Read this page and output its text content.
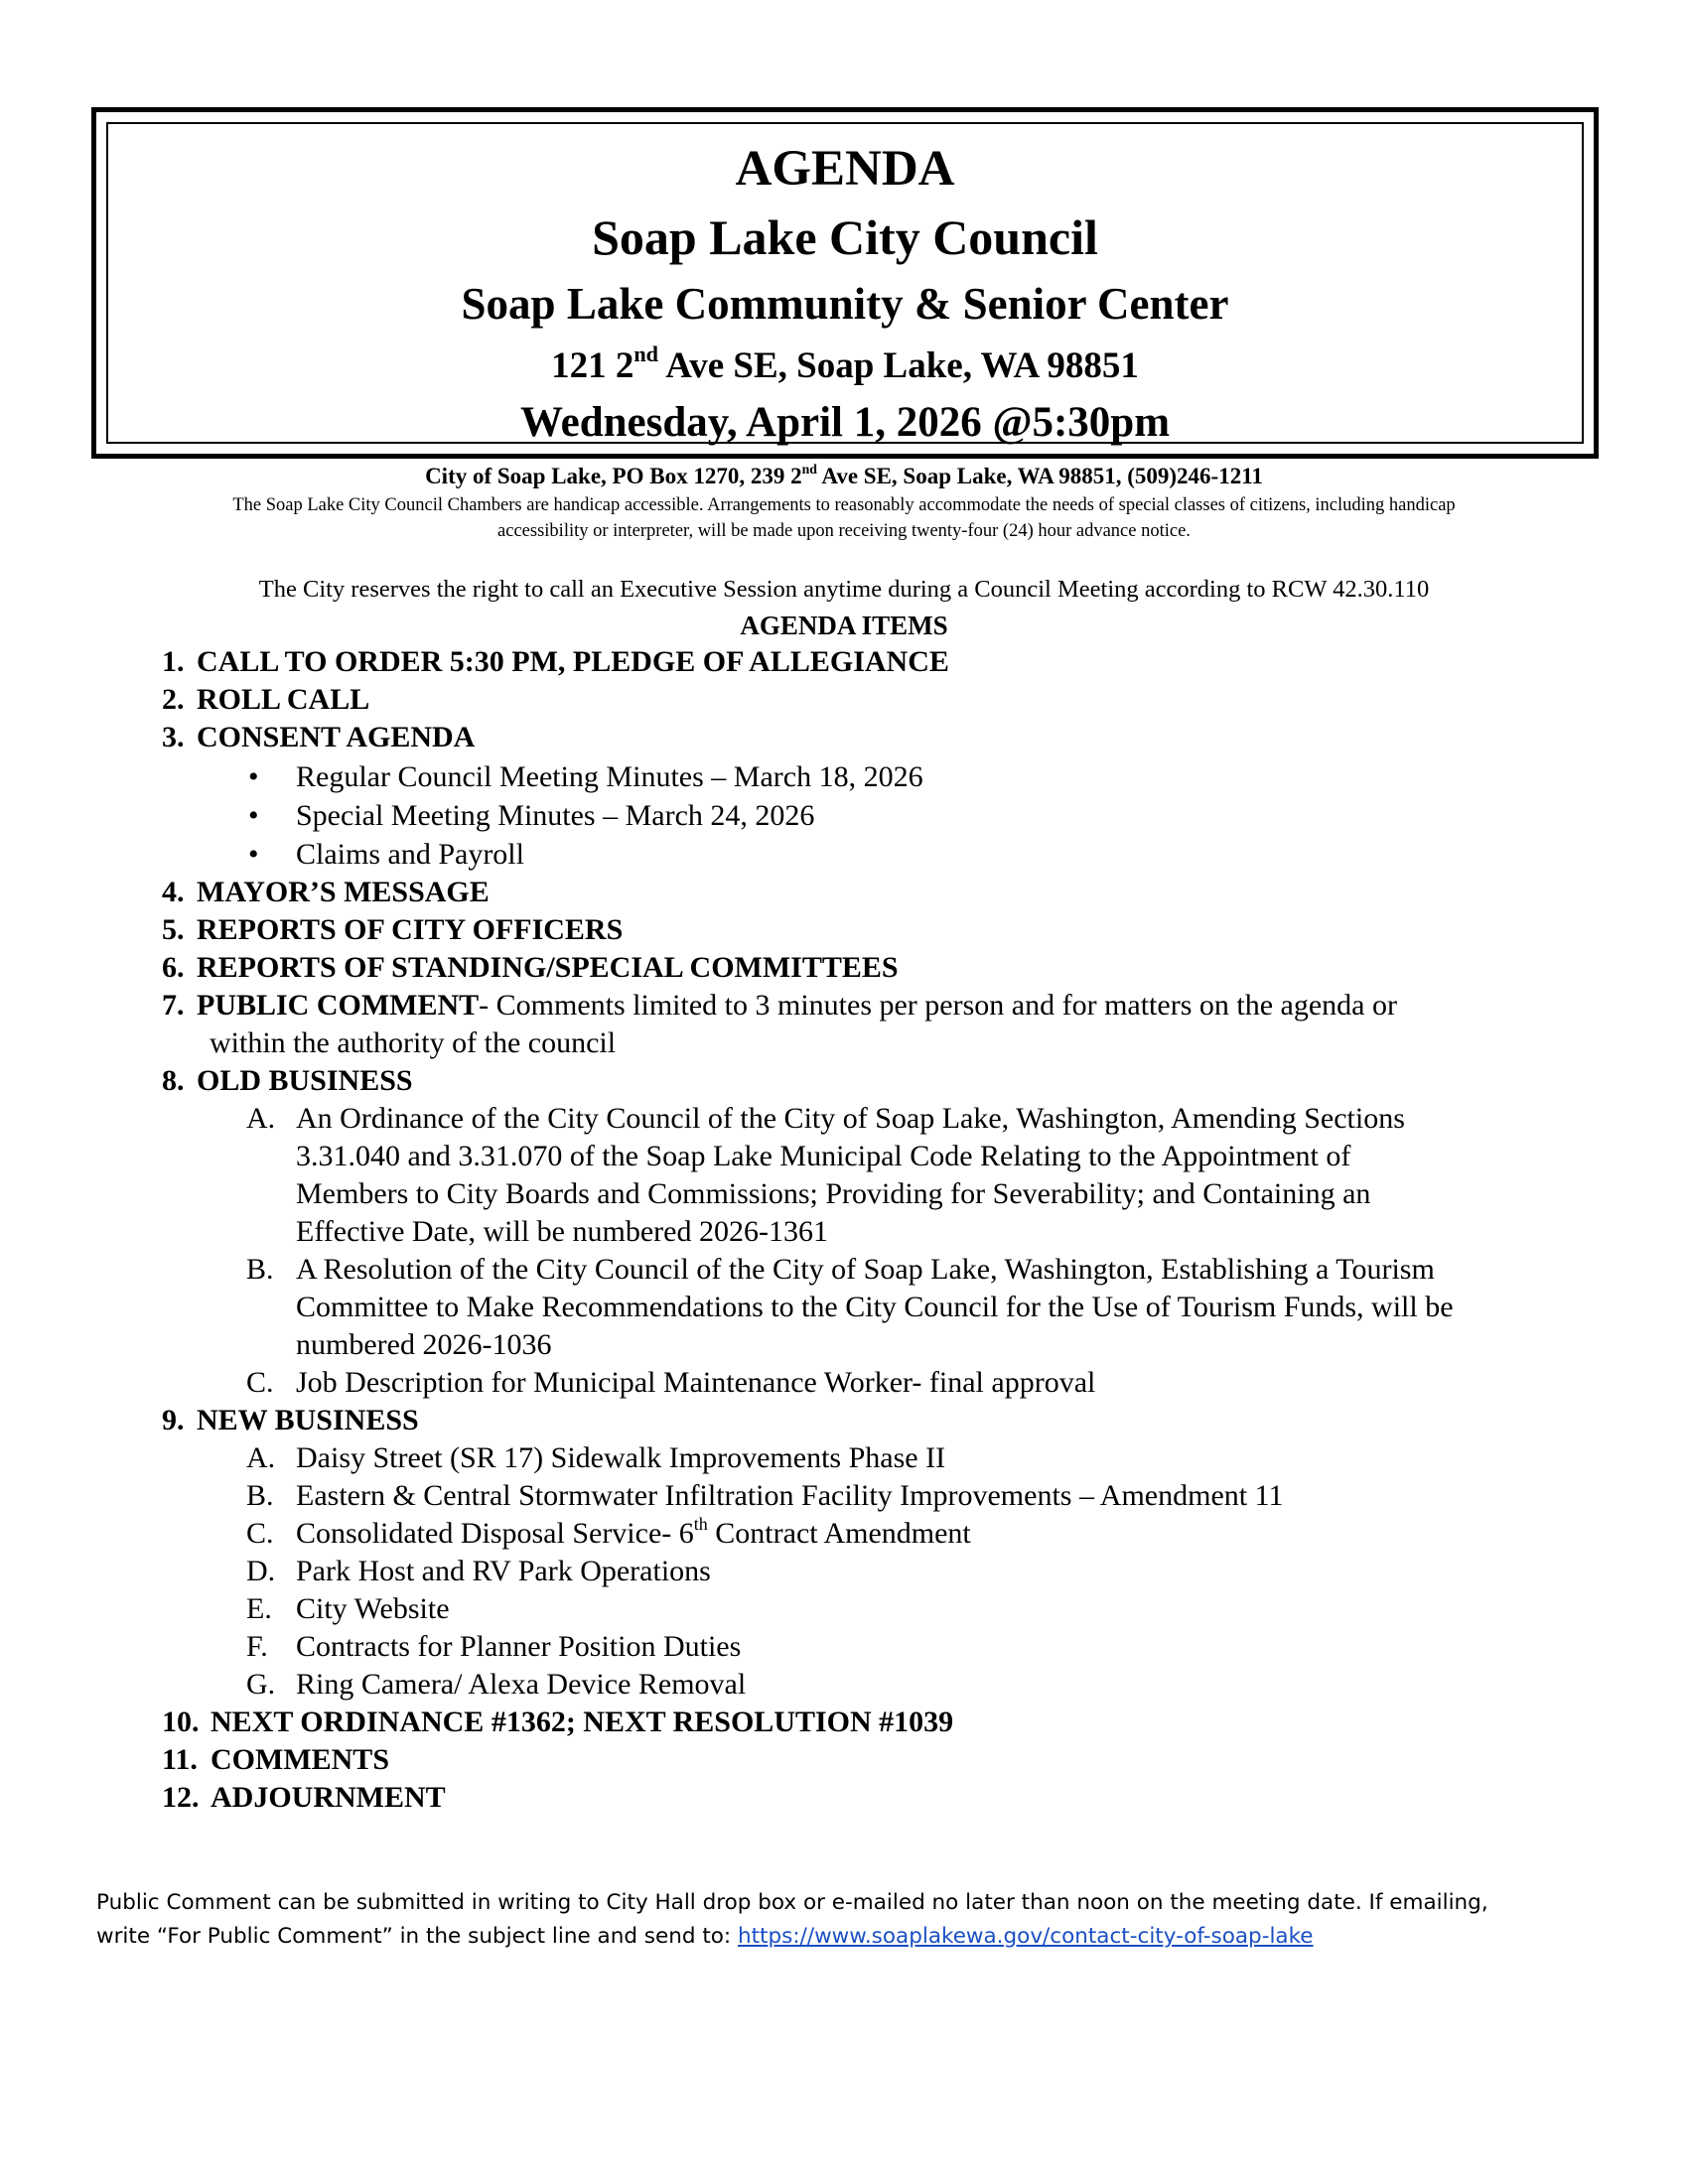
AGENDA
Soap Lake City Council
Soap Lake Community & Senior Center
121 2nd Ave SE, Soap Lake, WA 98851
Wednesday, April 1, 2026 @5:30pm
City of Soap Lake, PO Box 1270, 239 2nd Ave SE, Soap Lake, WA 98851, (509)246-1211
The Soap Lake City Council Chambers are handicap accessible. Arrangements to reasonably accommodate the needs of special classes of citizens, including handicap
accessibility or interpreter, will be made upon receiving twenty-four (24) hour advance notice.
The City reserves the right to call an Executive Session anytime during a Council Meeting according to RCW 42.30.110
AGENDA ITEMS
1. CALL TO ORDER 5:30 PM, PLEDGE OF ALLEGIANCE
2. ROLL CALL
3. CONSENT AGENDA
• Regular Council Meeting Minutes – March 18, 2026
• Special Meeting Minutes – March 24, 2026
• Claims and Payroll
4. MAYOR’S MESSAGE
5. REPORTS OF CITY OFFICERS
6. REPORTS OF STANDING/SPECIAL COMMITTEES
7. PUBLIC COMMENT- Comments limited to 3 minutes per person and for matters on the agenda or
within the authority of the council
8. OLD BUSINESS
A. An Ordinance of the City Council of the City of Soap Lake, Washington, Amending Sections
3.31.040 and 3.31.070 of the Soap Lake Municipal Code Relating to the Appointment of
Members to City Boards and Commissions; Providing for Severability; and Containing an
Effective Date, will be numbered 2026-1361
B. A Resolution of the City Council of the City of Soap Lake, Washington, Establishing a Tourism
Committee to Make Recommendations to the City Council for the Use of Tourism Funds, will be
numbered 2026-1036
C. Job Description for Municipal Maintenance Worker- final approval
9. NEW BUSINESS
A. Daisy Street (SR 17) Sidewalk Improvements Phase II
B. Eastern & Central Stormwater Infiltration Facility Improvements – Amendment 11
C. Consolidated Disposal Service- 6th Contract Amendment
D. Park Host and RV Park Operations
E. City Website
F. Contracts for Planner Position Duties
G. Ring Camera/ Alexa Device Removal
10. NEXT ORDINANCE #1362; NEXT RESOLUTION #1039
11. COMMENTS
12. ADJOURNMENT
Public Comment can be submitted in writing to City Hall drop box or e-mailed no later than noon on the meeting date. If emailing,
write “For Public Comment” in the subject line and send to: https://www.soaplakewa.gov/contact-city-of-soap-lake
